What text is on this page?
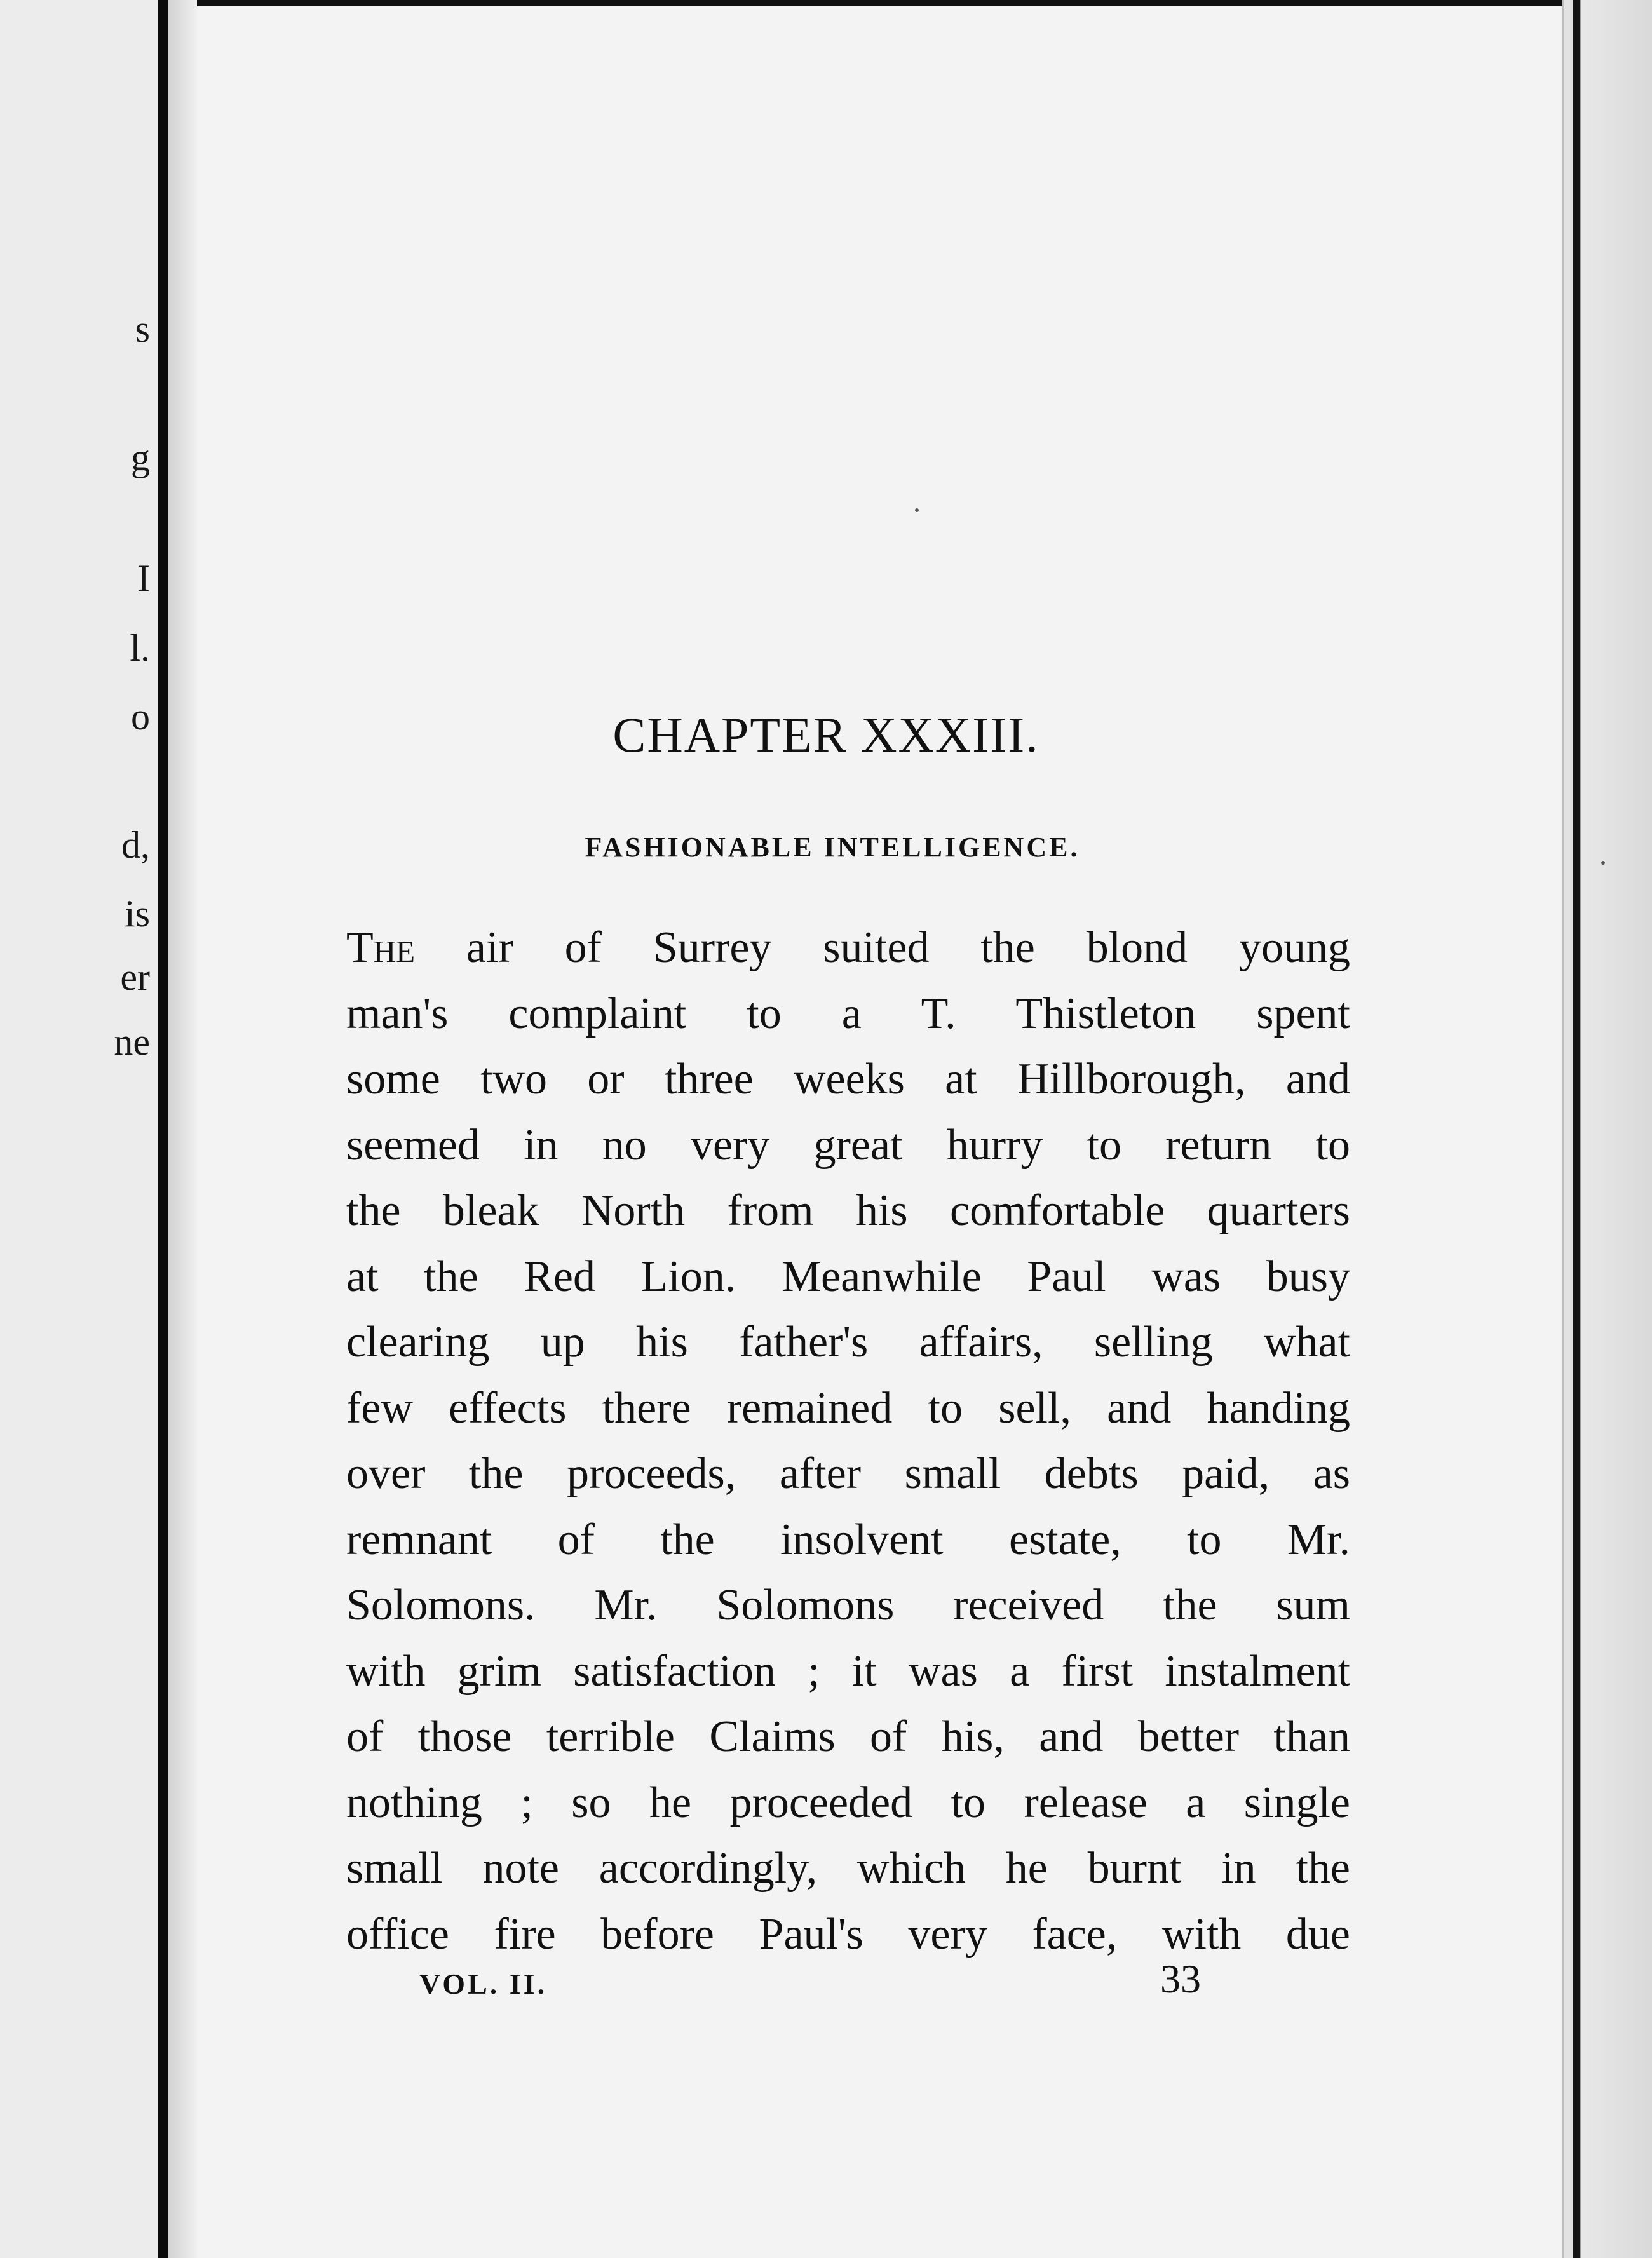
s
g
I
l.
o
d,
is
er
ne
CHAPTER XXXIII.
FASHIONABLE INTELLIGENCE.
The air of Surrey suited the blond young
man's complaint to a T. Thistleton spent
some two or three weeks at Hillborough, and
seemed in no very great hurry to return to
the bleak North from his comfortable quarters
at the Red Lion. Meanwhile Paul was busy
clearing up his father's affairs, selling what
few effects there remained to sell, and handing
over the proceeds, after small debts paid, as
remnant of the insolvent estate, to Mr.
Solomons. Mr. Solomons received the sum
with grim satisfaction ; it was a first instalment
of those terrible Claims of his, and better than
nothing ; so he proceeded to release a single
small note accordingly, which he burnt in the
office fire before Paul's very face, with due
VOL. II.	33
